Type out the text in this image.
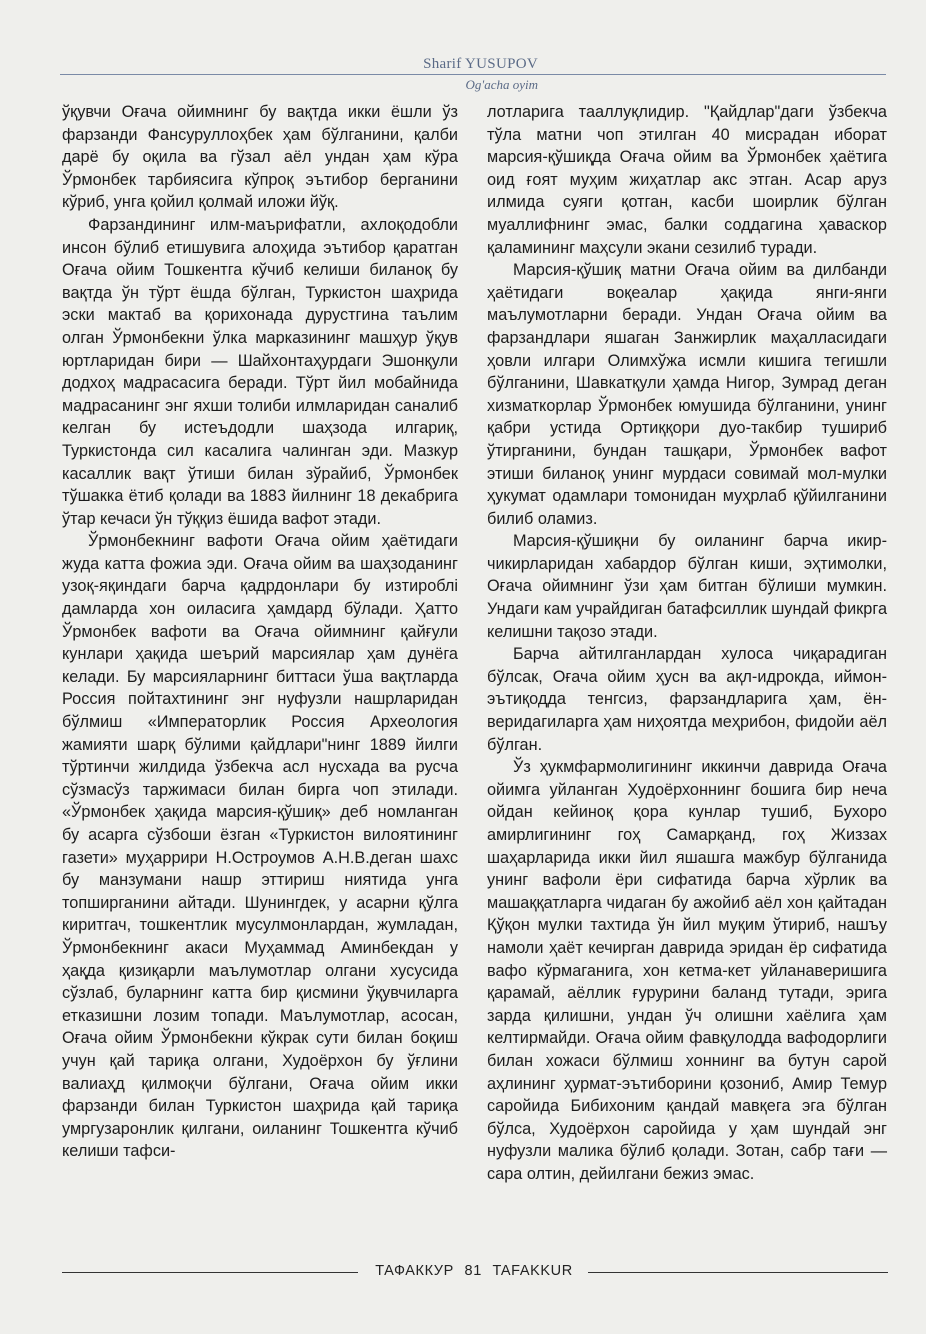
Sharif YUSUPOV
Og'acha oyim

ўқувчи Оғача ойимнинг бу вақтда икки ёшли ўз фарзанди Фансуруллоҳбек ҳам бўлганини, қалби дарё бу оқила ва гўзал аёл ундан ҳам кўра Ўрмонбек тарбиясига кўпроқ эътибор берганини кўриб, унга қойил қолмай иложи йўқ.

Фарзандининг илм-маърифатли, ахлоқодобли инсон бўлиб етишувига алоҳида эътибор қаратган Оғача ойим Тошкентга кўчиб келиши биланоқ бу вақтда ўн тўрт ёшда бўлган, Туркистон шаҳрида эски мактаб ва қорихонада дурустгина таълим олган Ўрмонбекни ўлка марказининг машҳур ўқув юртларидан бири — Шайхонтаҳурдаги Эшонқули додхоҳ мадрасасига беради. Тўрт йил мобайнида мадрасанинг энг яхши толиби илмлаpидан саналиб келган бу истеъдодли шаҳзода илгариқ, Туркистонда сил касалига чалинган эди. Мазкур касаллик вақт ўтиши билан зўрайиб, Ўрмонбек тўшакка ётиб қолади ва 1883 йилнинг 18 декабрига ўтар кечаси ўн тўққиз ёшида вафот этади.

Ўрмонбекнинг вафоти Оғача ойим ҳаётидаги жуда катта фожиа эди. Оғача ойим ва шаҳзоданинг узоқ-яқиндаги барча қадрдонлари бу изтироблі дамларда хон оиласига ҳамдард бўлади. Ҳатто Ўрмонбек вафоти ва Оғача ойимнинг қайғули кунлари ҳақида шеърий марсиялар ҳам дунёга келади. Бу марсияларнинг биттаси ўша вақтларда Россия пойтахтининг энг нуфузли нашрларидан бўлмиш «Императорлик Россия Археология жамияти шарқ бўлими қайдлари"нинг 1889 йилги тўртинчи жилдида ўзбекча асл нусхада ва русча сўзмасўз таржимаси билан бирга чоп этилади. «Ўрмонбек ҳақида марсия-қўшиқ» деб номланган бу асарга сўзбоши ёзган «Туркистон вилоятининг газети» муҳаррири Н.Остроумов А.Н.В.деган шахс бу манзумани нашр эттириш ниятида унга топширганини айтади. Шунингдек, у асарни қўлга киритгач, тошкентлик мусулмонлардан, жумладан, Ўрмонбекнинг акаси Муҳаммад Аминбекдан у ҳақда қизиқарли маълумотлар олгани хусусида сўзлаб, буларнинг катта бир қисмини ўқувчиларга етказишни лозим топади. Маълумотлар, асосан, Оғача ойим Ўрмонбекни кўкрак сути билан боқиш учун қай тариқа олгани, Худоёрхон бу ўғлини валиаҳд қилмоқчи бўлгани, Оғача ойим икки фарзанди билан Туркистон шаҳрида қай тариқа умргузаронлик қилгани, оиланинг Тошкентга кўчиб келиши тафси-

лотларига тааллуқлидир. "Қайдлар"даги ўзбекча тўла матни чоп этилган 40 мисрадан иборат марсия-қўшиқда Оғача ойим ва Ўрмонбек ҳаётига оид ғоят муҳим жиҳатлар акс этган. Асар аруз илмида суяги қотган, касби шоирлик бўлган муаллифнинг эмас, балки соддагина ҳаваскор қаламининг маҳсули экани сезилиб туради.

Марсия-қўшиқ матни Оғача ойим ва дилбанди ҳаётидаги воқеалар ҳақида янги-янги маълумотларни беради. Ундан Оғача ойим ва фарзандлари яшаган Занжирлик маҳалласидаги ҳовли илгари Олимхўжа исмли кишига тегишли бўлганини, Шавкатқули ҳамда Нигор, Зумрад деган хизматкорлар Ўрмонбек юмушида бўлганини, унинг қабри устида Ортиққори дуо-такбир тушириб ўтирганини, бундан ташқари, Ўрмонбек вафот этиши биланоқ унинг мурдаси совимай мол-мулки ҳукумат одамлари томонидан муҳрлаб қўйилганини билиб оламиз.

Марсия-қўшиқни бу оиланинг барча икир-чикирларидан хабардор бўлган киши, эҳтимолки, Оғача ойимнинг ўзи ҳам битган бўлиши мумкин. Ундаги кам учрайдиган батафсиллик шундай фикрга келишни тақозо этади.

Барча айтилганлардан хулоса чиқарадиган бўлсак, Оғача ойим ҳусн ва ақл-идрокда, иймон-эътиқодда тенгсиз, фарзандларига ҳам, ён-веридагиларга ҳам ниҳоятда меҳрибон, фидойи аёл бўлган.

Ўз ҳукмфармолигининг иккинчи даврида Оғача ойимга уйланган Худоёрхоннинг бошига бир неча ойдан кейиноқ қора кунлар тушиб, Бухоро амирлигининг гоҳ Самарқанд, гоҳ Жиззах шаҳарларида икки йил яшашга мажбур бўлганида унинг вафоли ёри сифатида барча хўрлик ва машаққатларга чидаган бу ажойиб аёл хон қайтадан Қўқон мулки тахтида ўн йил муқим ўтириб, нашъу намоли ҳаёт кечирган даврида эридан ёр сифатида вафо кўрмаганига, хон кетма-кет уйланаверишига қарамай, аёллик ғурурини баланд тутади, эрига зарда қилишни, ундан ўч олишни хаёлига ҳам келтирмайди. Оғача ойим фавқулодда вафодорлиги билан хожаси бўлмиш хоннинг ва бутун сарой аҳлининг ҳурмат-эътиборини қозониб, Амир Темур саройида Бибихоним қандай мавқега эга бўлган бўлса, Худоёрхон саройида у ҳам шундай энг нуфузли малика бўлиб қолади. Зотан, сабр тағи — сара олтин, дейилгани бежиз эмас.

ТАФАККУР 81 TAFAKKUR
